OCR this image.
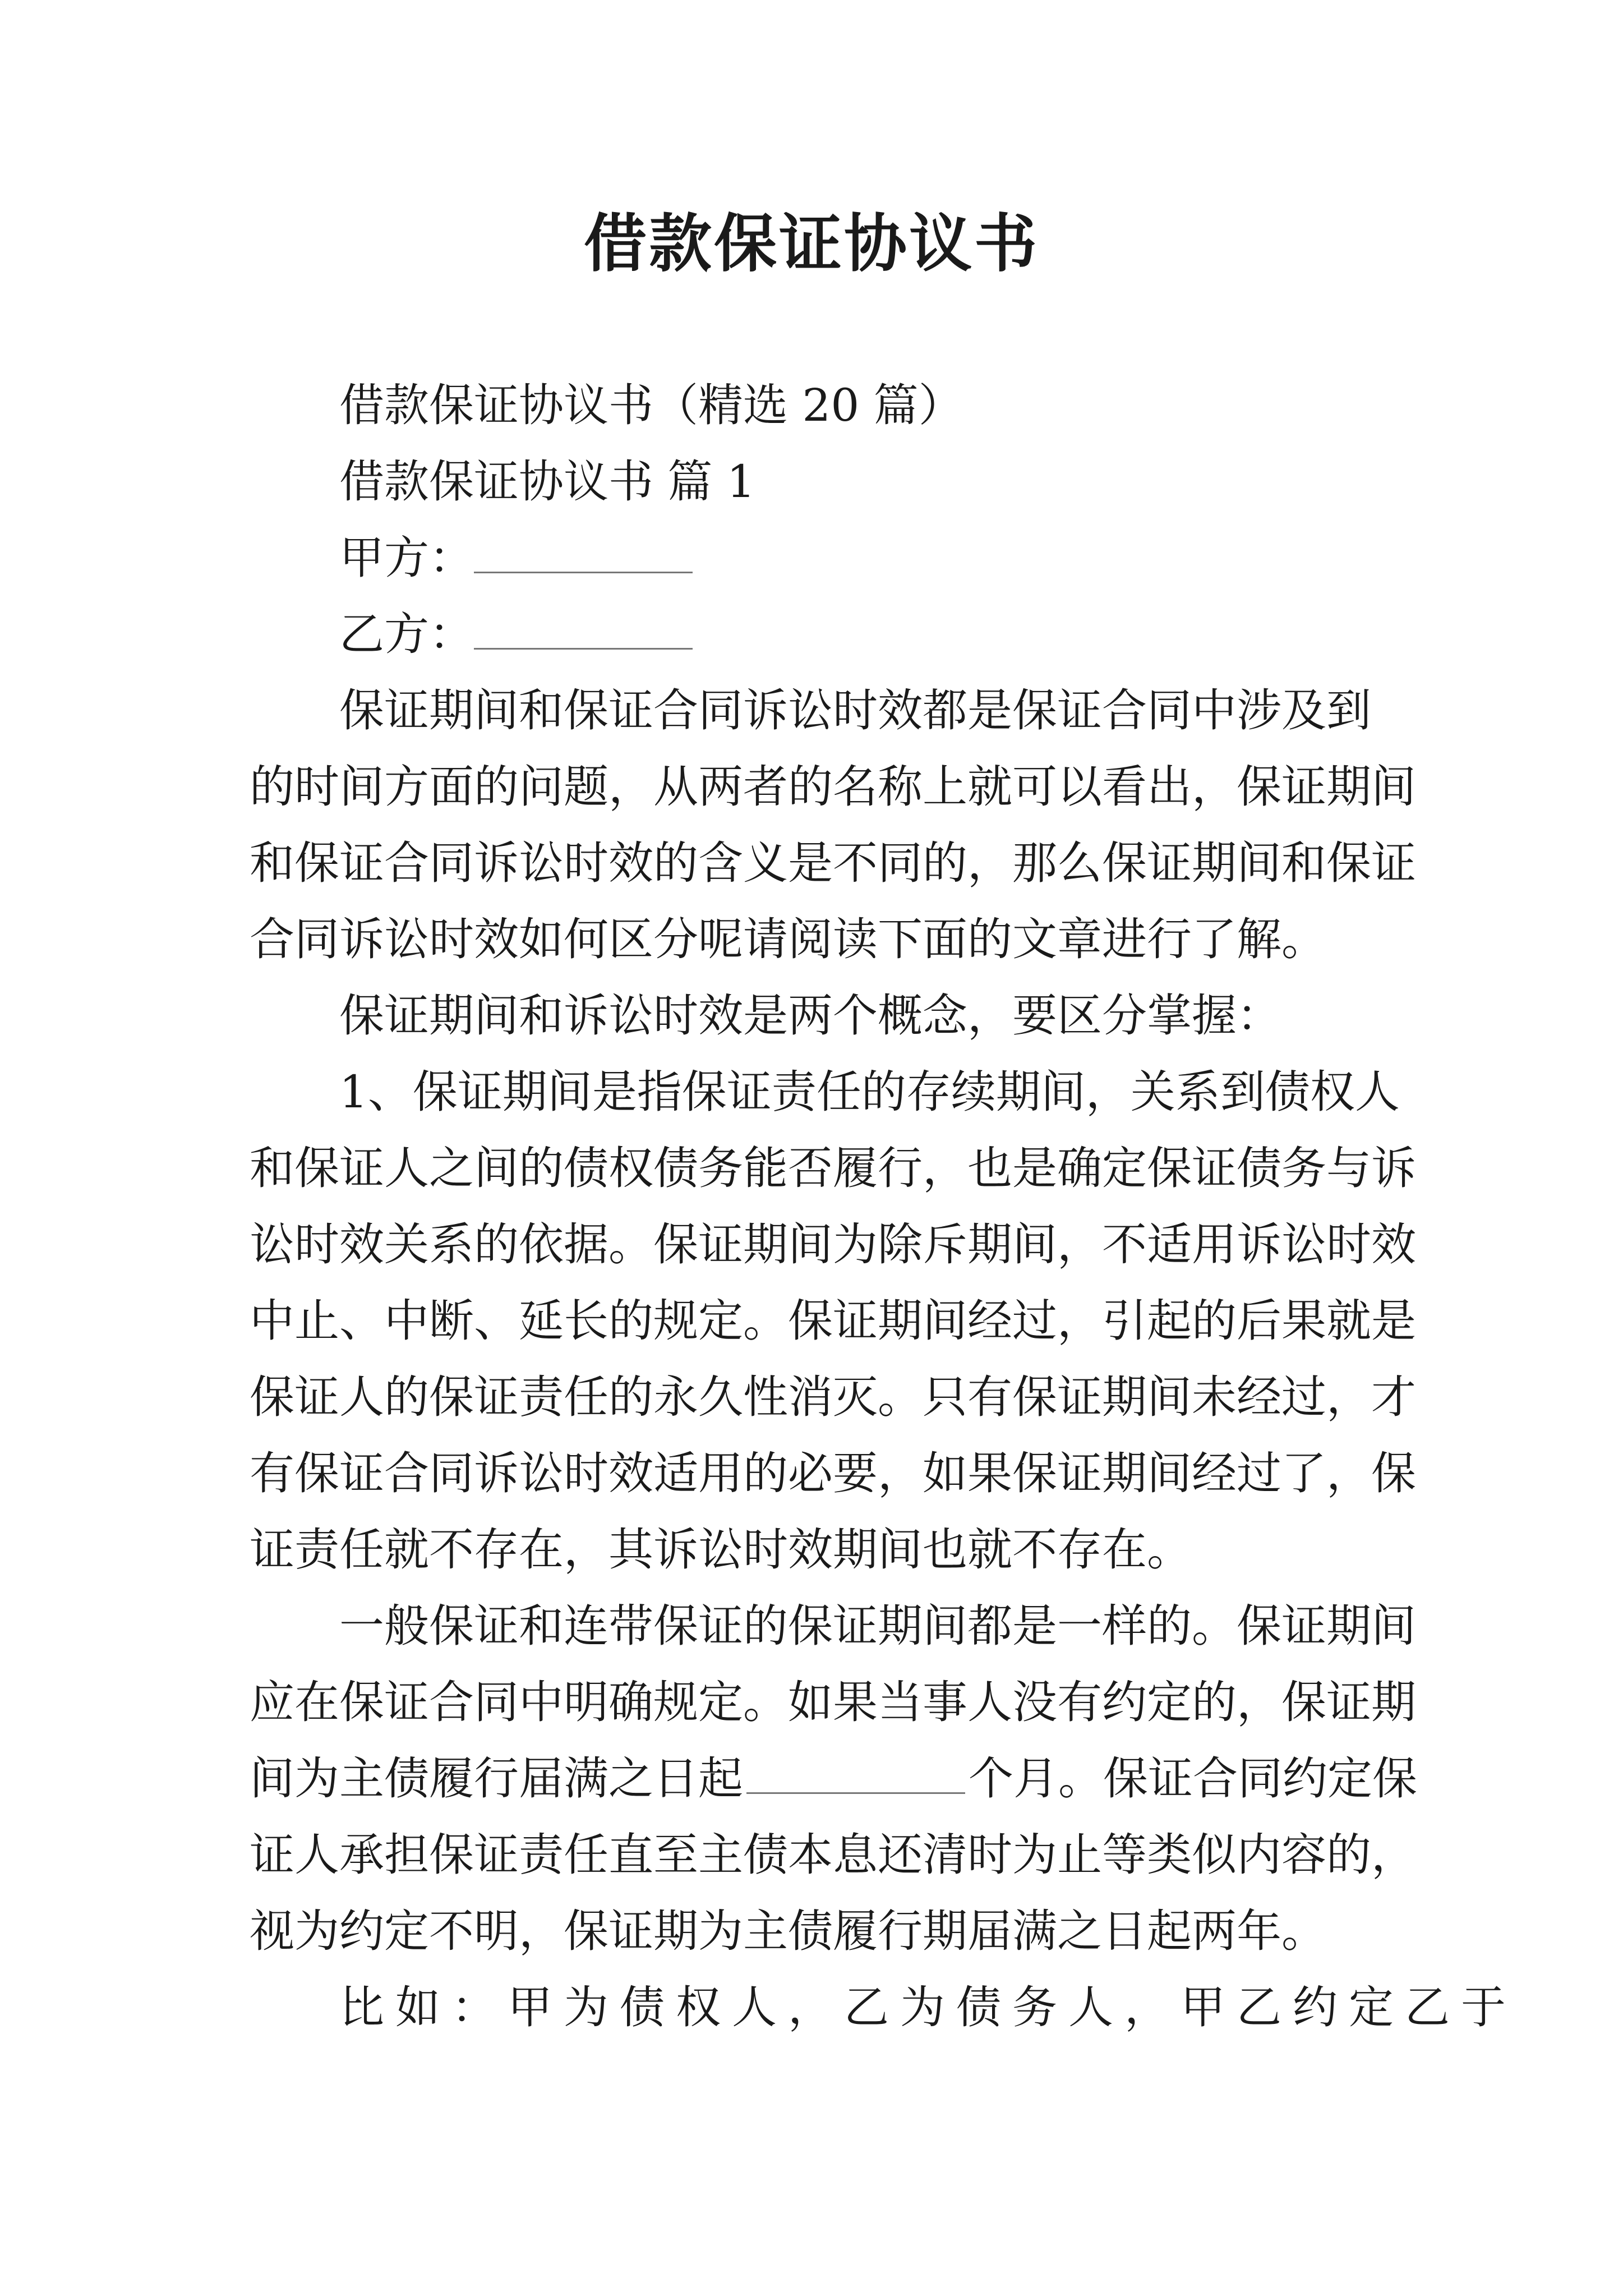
借款保证协议书
借款保证协议书（精选 20 篇）
借款保证协议书 篇 1
甲方：
乙方：
保证期间和保证合同诉讼时效都是保证合同中涉及到
的时间方面的问题，从两者的名称上就可以看出，保证期间
和保证合同诉讼时效的含义是不同的，那么保证期间和保证
合同诉讼时效如何区分呢请阅读下面的文章进行了解。
保证期间和诉讼时效是两个概念，要区分掌握：
1、保证期间是指保证责任的存续期间，关系到债权人
和保证人之间的债权债务能否履行，也是确定保证债务与诉
讼时效关系的依据。保证期间为除斥期间，不适用诉讼时效
中止、中断、延长的规定。保证期间经过，引起的后果就是
保证人的保证责任的永久性消灭。只有保证期间未经过，才
有保证合同诉讼时效适用的必要，如果保证期间经过了，保
证责任就不存在，其诉讼时效期间也就不存在。
一般保证和连带保证的保证期间都是一样的。保证期间
应在保证合同中明确规定。如果当事人没有约定的，保证期
间为主债履行届满之日起	个月。保证合同约定保
证人承担保证责任直至主债本息还清时为止等类似内容的，
视为约定不明，保证期为主债履行期届满之日起两年。
比如：甲为债权人，乙为债务人，甲乙约定乙于
